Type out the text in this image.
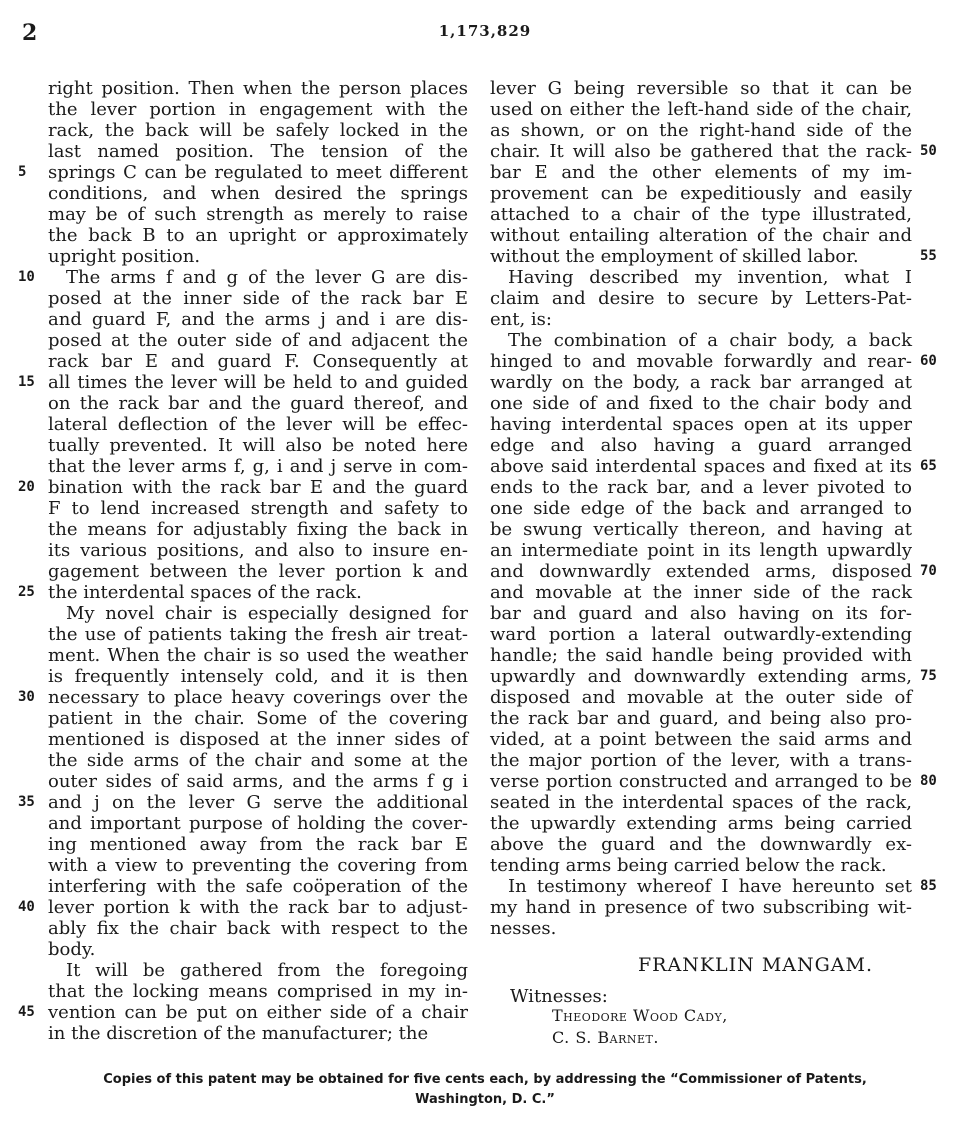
2	1,173,829
right position. Then when the person places
the lever portion in engagement with the
rack, the back will be safely locked in the
last named position. The tension of the
springs C can be regulated to meet different
conditions, and when desired the springs
may be of such strength as merely to raise
the back B to an upright or approximately
upright position.
The arms f and g of the lever G are dis-
posed at the inner side of the rack bar E
and guard F, and the arms j and i are dis-
posed at the outer side of and adjacent the
rack bar E and guard F. Consequently at
all times the lever will be held to and guided
on the rack bar and the guard thereof, and
lateral deflection of the lever will be effec-
tually prevented. It will also be noted here
that the lever arms f, g, i and j serve in com-
bination with the rack bar E and the guard
F to lend increased strength and safety to
the means for adjustably fixing the back in
its various positions, and also to insure en-
gagement between the lever portion k and
the interdental spaces of the rack.
My novel chair is especially designed for
the use of patients taking the fresh air treat-
ment. When the chair is so used the weather
is frequently intensely cold, and it is then
necessary to place heavy coverings over the
patient in the chair. Some of the covering
mentioned is disposed at the inner sides of
the side arms of the chair and some at the
outer sides of said arms, and the arms f g i
and j on the lever G serve the additional
and important purpose of holding the cover-
ing mentioned away from the rack bar E
with a view to preventing the covering from
interfering with the safe coöperation of the
lever portion k with the rack bar to adjust-
ably fix the chair back with respect to the
body.
It will be gathered from the foregoing
that the locking means comprised in my in-
vention can be put on either side of a chair
in the discretion of the manufacturer; the
lever G being reversible so that it can be
used on either the left-hand side of the chair,
as shown, or on the right-hand side of the
chair. It will also be gathered that the rack-
bar E and the other elements of my im-
provement can be expeditiously and easily
attached to a chair of the type illustrated,
without entailing alteration of the chair and
without the employment of skilled labor.
Having described my invention, what I
claim and desire to secure by Letters-Pat-
ent, is:
The combination of a chair body, a back
hinged to and movable forwardly and rear-
wardly on the body, a rack bar arranged at
one side of and fixed to the chair body and
having interdental spaces open at its upper
edge and also having a guard arranged
above said interdental spaces and fixed at its
ends to the rack bar, and a lever pivoted to
one side edge of the back and arranged to
be swung vertically thereon, and having at
an intermediate point in its length upwardly
and downwardly extended arms, disposed
and movable at the inner side of the rack
bar and guard and also having on its for-
ward portion a lateral outwardly-extending
handle; the said handle being provided with
upwardly and downwardly extending arms,
disposed and movable at the outer side of
the rack bar and guard, and being also pro-
vided, at a point between the said arms and
the major portion of the lever, with a trans-
verse portion constructed and arranged to be
seated in the interdental spaces of the rack,
the upwardly extending arms being carried
above the guard and the downwardly ex-
tending arms being carried below the rack.
In testimony whereof I have hereunto set
my hand in presence of two subscribing wit-
nesses.
5
10
15
20
25
30
35
40
45
50
55
60
65
70
75
80
85
FRANKLIN MANGAM.
Witnesses:
Theodore Wood Cady,
C. S. Barnet.
Copies of this patent may be obtained for five cents each, by addressing the “Commissioner of Patents,
Washington, D. C.”
